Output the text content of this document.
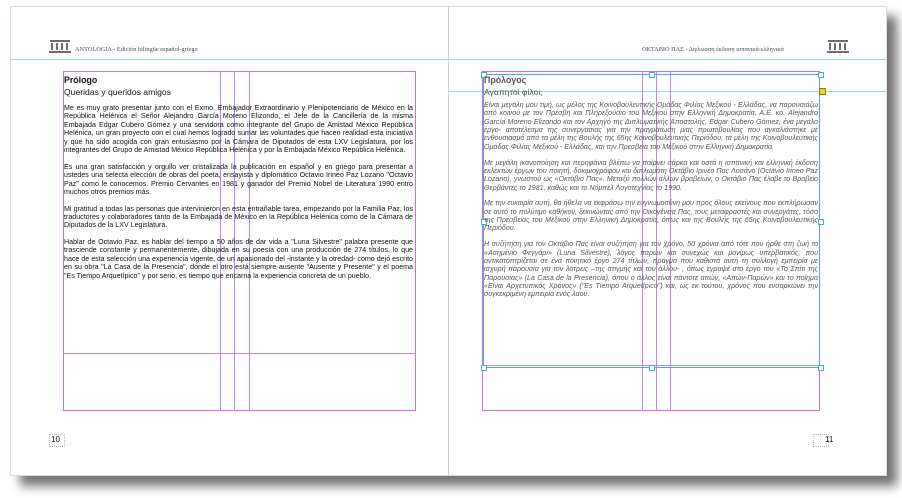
ANTOLOGIA - Edición bilingüe español-griego
Prólogo
Queridas y queridos amigos

Me es muy grato presentar junto con el Exmo. Embajador Extraordinario y Plenipotenciario de México en la República Helénica el Señor Alejandro García Moreno Elizondo, el Jefe de la Cancillería de la misma Embajada Edgar Cubero Gómez y una servidora como integrante del Grupo de Amistad México República Helénica, un gran proyecto con el cual hemos logrado sumar las voluntades que hacen realidad esta iniciativa y que ha sido acogida con gran entusiasmo por la Cámara de Diputados de esta LXV Legislatura, por los integrantes del Grupo de Amistad México República Helénica y por la Embajada México República Helénica.

Es una gran satisfacción y orgullo ver cristalizada la publicación en español y en griego para presentar a ustedes una selecta elección de obras del poeta, ensayista y diplomático Octavio Irineo Paz Lozano "Octavio Paz" como le conocemos. Premio Cervantes en 1981 y ganador del Premio Nobel de Literatura 1990 entro muchos otros premios más.

Mi gratitud a todas las personas que intervinieron en esta entrañable tarea, empezando por la Familia Paz, los traductores y colaboradores tanto de la Embajada de México en la República Helénica como de la Cámara de Diputados de la LXV Legislatura.

Hablar de Octavio Paz, es hablar del tiempo a 50 años de dar vida a "Luna Silvestre" palabra presente que trasciende constante y permanentemente, dibujada en su poesía con una producción de 274 títulos, lo que hace de esta selección una experiencia vigente, de un apasionado del -instante y la otredad- como dejó escrito en su obra "La Casa de la Presencia", dónde el otro está siempre ausente "Ausente y Presente" y el poema "Es Tiempo Arquetípico" y por serio, es tiempo que encarna la experiencia concreta de un pueblo.

10
ΟΚΤΑΒΙΟ ΠΑΣ - Δίγλωσση έκδοση ισπανικά-ελληνικά
Πρόλογος
Αγαπητοί φίλοι,

Είναι μεγάλη μου τιμή, ως μέλος της Κοινοβουλευτικής Ομάδας Φιλίας Μεξικού - Ελλάδας, να παρουσιάζω από κοινού με τον Πρέσβη και Πληρεξούσιο του Μεξικού στην Ελληνική Δημοκρατία, Α.Ε. κο. Alejandro García Moreno Elizondo και τον Αρχηγό της Διπλωματικής Αποστολής, Edgar Cubero Gómez, ένα μεγάλο έργο- αποτέλεσμα της συνεργασίας για την πραγμάτωση μιας πρωτοβουλίας που αγκαλιάστηκε με ενθουσιασμό από τα μέλη της Βουλής της 65ης Κοινοβουλευτικής Περιόδου, τα μέλη της Κοινοβουλευτικής Ομάδας Φιλίας Μεξικού - Ελλάδας, και την Πρεσβεία του Μεξικού στην Ελληνική Δημοκρατία.

Με μεγάλη ικανοποίηση και περηφάνια βλέπω να παίρνει σάρκα και οστά η ισπανική και ελληνική έκδοση εκλεκτών έργων του ποιητή, δοκιμιογράφου και διπλωμάτη Οκτάβιο Ιρινέο Πας Λοσάνο (Octavio Irineo Paz Lozano), γνωστού ως «Οκτάβιο Πας». Μεταξύ πολλών άλλων βραβείων, ο Οκτάβιο Πας έλαβε το Βραβείο Θερβάντες το 1981, καθώς και το Νόμπελ Λογοτεχνίας το 1990.

Με την ευκαιρία αυτή, θα ήθελα να εκφράσω την ευγνωμοσύνη μου προς όλους εκείνους που εκπλήρωσαν σε αυτό το πολύτιμο καθήκον, ξεκινώντας από την Οικογένεια Πας, τους μεταφραστές και συνεργάτες, τόσο της Πρεσβείας του Μεξικού στην Ελληνική Δημοκρατία, όπως και της Βουλής της 65ης Κοινοβουλευτικής Περιόδου.

Η συζήτηση για τον Οκτάβιο Πας είναι συζήτηση για τον χρόνο, 50 χρόνια από τότε που ήρθε στη ζωή το «Ασημένιο Φεγγάρι» (Luna Silvestre), λόγος παρών και συνεχώς και μονίμως υπερβατικός, που αντικατοπτρίζεται σε ένα ποιητικό έργο 274 τίτλων, πράγμα που καθιστά αυτή τη συλλογή εμπειρία με ισχυρή παρουσία για τον λάτρεις –της στιγμής και του άλλου- , όπως έγραψε στο έργο του «Το Σπίτι της Παρουσίας» (La Casa de la Presencia), όπου ο άλλος είναι πάντοτε απών, «Απών-Παρών» και το ποίημα «Είναι Αρχετυπικός Χρόνος» ("Es Tiempo Arquetípico") και, ως εκ τούτου, χρόνος που ενσαρκώνει την συγκεκριμένη εμπειρία ενός λαού.

11
